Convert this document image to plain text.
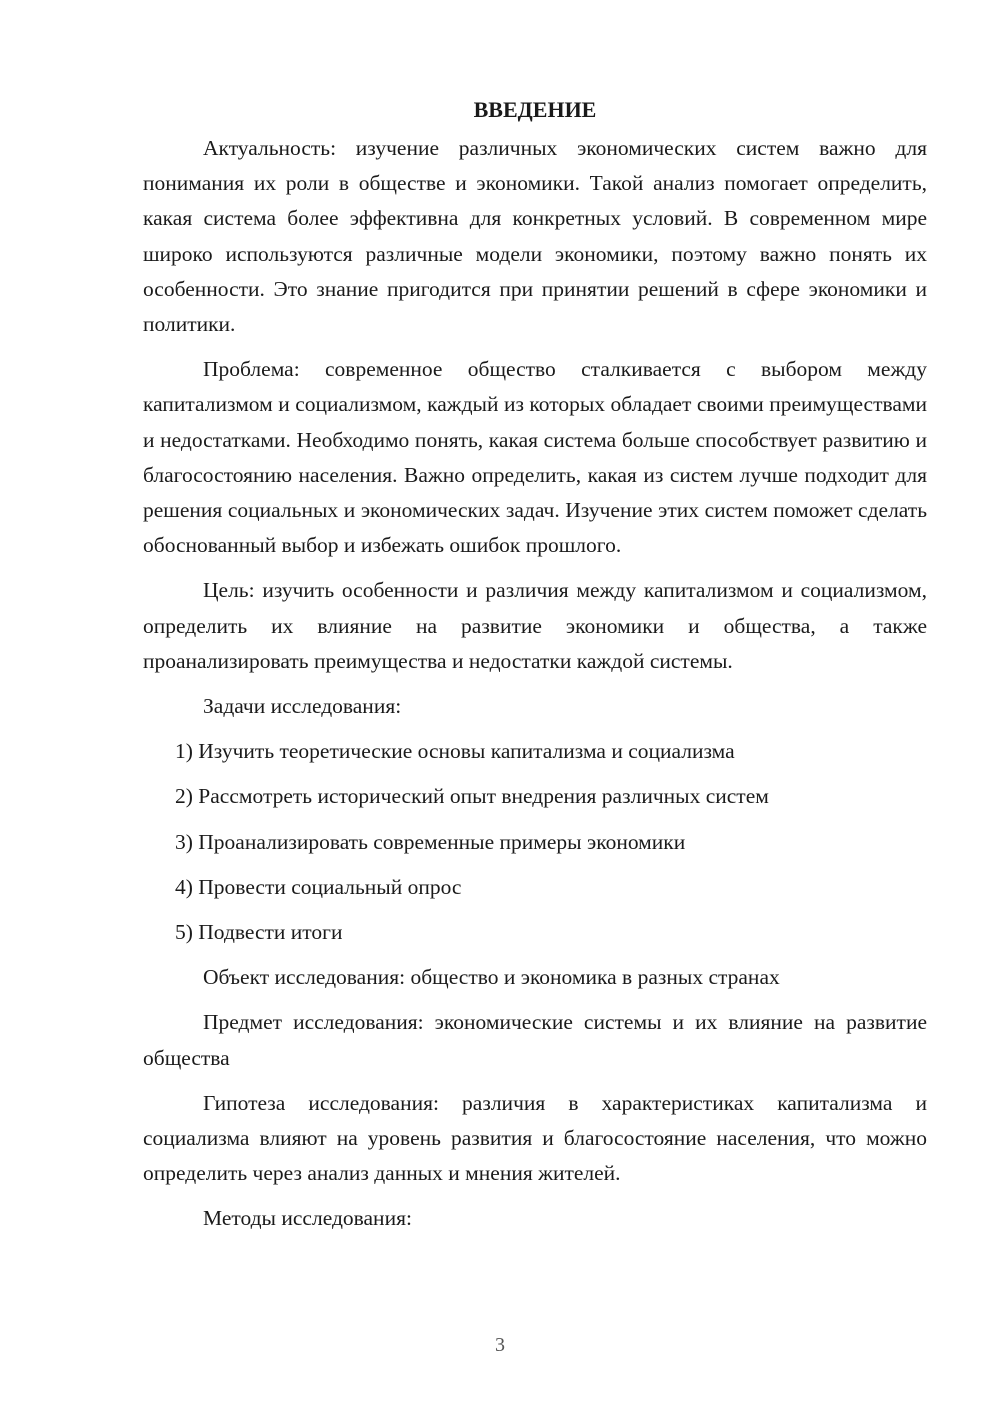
ВВЕДЕНИЕ

Актуальность: изучение различных экономических систем важно для понимания их роли в обществе и экономики. Такой анализ помогает определить, какая система более эффективна для конкретных условий. В современном мире широко используются различные модели экономики, поэтому важно понять их особенности. Это знание пригодится при принятии решений в сфере экономики и политики.

Проблема: современное общество сталкивается с выбором между капитализмом и социализмом, каждый из которых обладает своими преимуществами и недостатками. Необходимо понять, какая система больше способствует развитию и благосостоянию населения. Важно определить, какая из систем лучше подходит для решения социальных и экономических задач. Изучение этих систем поможет сделать обоснованный выбор и избежать ошибок прошлого.

Цель: изучить особенности и различия между капитализмом и социализмом, определить их влияние на развитие экономики и общества, а также проанализировать преимущества и недостатки каждой системы.

Задачи исследования:

1) Изучить теоретические основы капитализма и социализма
2) Рассмотреть исторический опыт внедрения различных систем
3) Проанализировать современные примеры экономики
4) Провести социальный опрос
5) Подвести итоги

Объект исследования: общество и экономика в разных странах

Предмет исследования: экономические системы и их влияние на развитие общества

Гипотеза исследования: различия в характеристиках капитализма и социализма влияют на уровень развития и благосостояние населения, что можно определить через анализ данных и мнения жителей.

Методы исследования:

3
